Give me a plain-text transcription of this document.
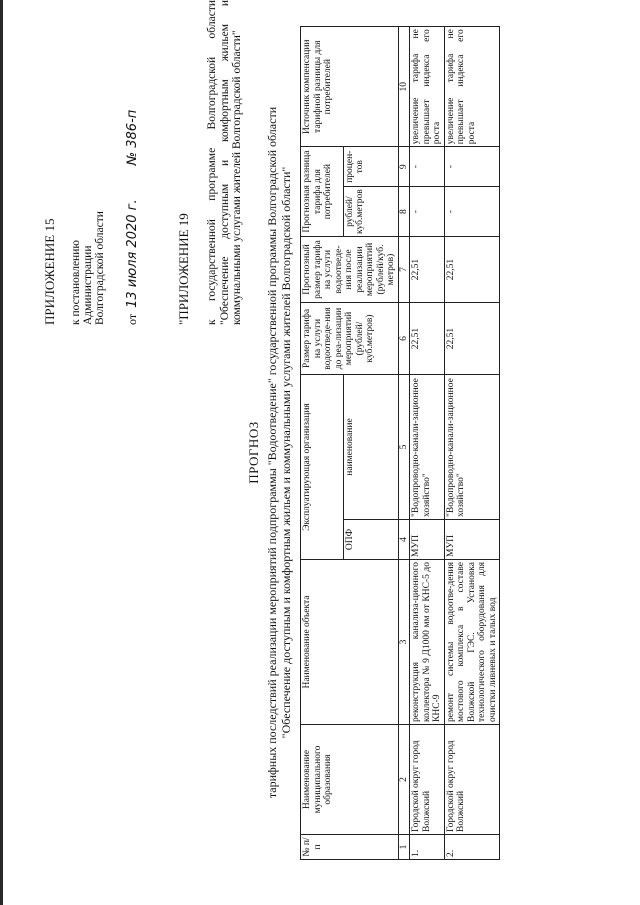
ПРИЛОЖЕНИЕ 15 к постановлению Администрации Волгоградской области от  13 июля 2020 г.  № 386-п
"ПРИЛОЖЕНИЕ 19 к государственной программе Волгоградской области "Обеспечение доступным и комфортным жильем и коммунальными услугами жителей Волгоградской области"
ПРОГНОЗ тарифных последствий реализации мероприятий подпрограммы "Водоотведение" государственной программы Волгоградской области "Обеспечение доступным и комфортным жильем и коммунальными услугами жителей Волгоградской области"
№ п/п	Наименование муниципального образования	Наименование объекта	Эксплуатирующая организация		Размер тарифа на услуги водоотведе-ния до реа-лизации мероприятий (рублей/ куб.метров)	Прогнозный размер тарифа на услуги водоотведе-ния после реализации мероприятий (рублей/куб. метров)	Прогнозная разница тарифа для потребителей		Источник компенсации тарифной разницы для потребителей
			ОПФ	наименование			рублей/ куб.метров	процен-тов	
1	2	3	4	5	6	7	8	9	10
1.	Городской округ город Волжский	реконструкция канализа-ционного коллектора № 9 Д1000 мм от КНС-5 до КНС-9	МУП	"Водопроводно-канали-зационное хозяйство"	22,51	22,51	-	-	увеличение тарифа не превышает индекса его роста
2.	Городской округ город Волжский	ремонт системы водоотве-дения мостового комплекса в составе Волжской ГЭС. Установка технологического оборудования для очистки ливневых и талых вод	МУП	"Водопроводно-канали-зационное хозяйство"	22,51	22,51	-	-	увеличение тарифа не превышает индекса его роста
